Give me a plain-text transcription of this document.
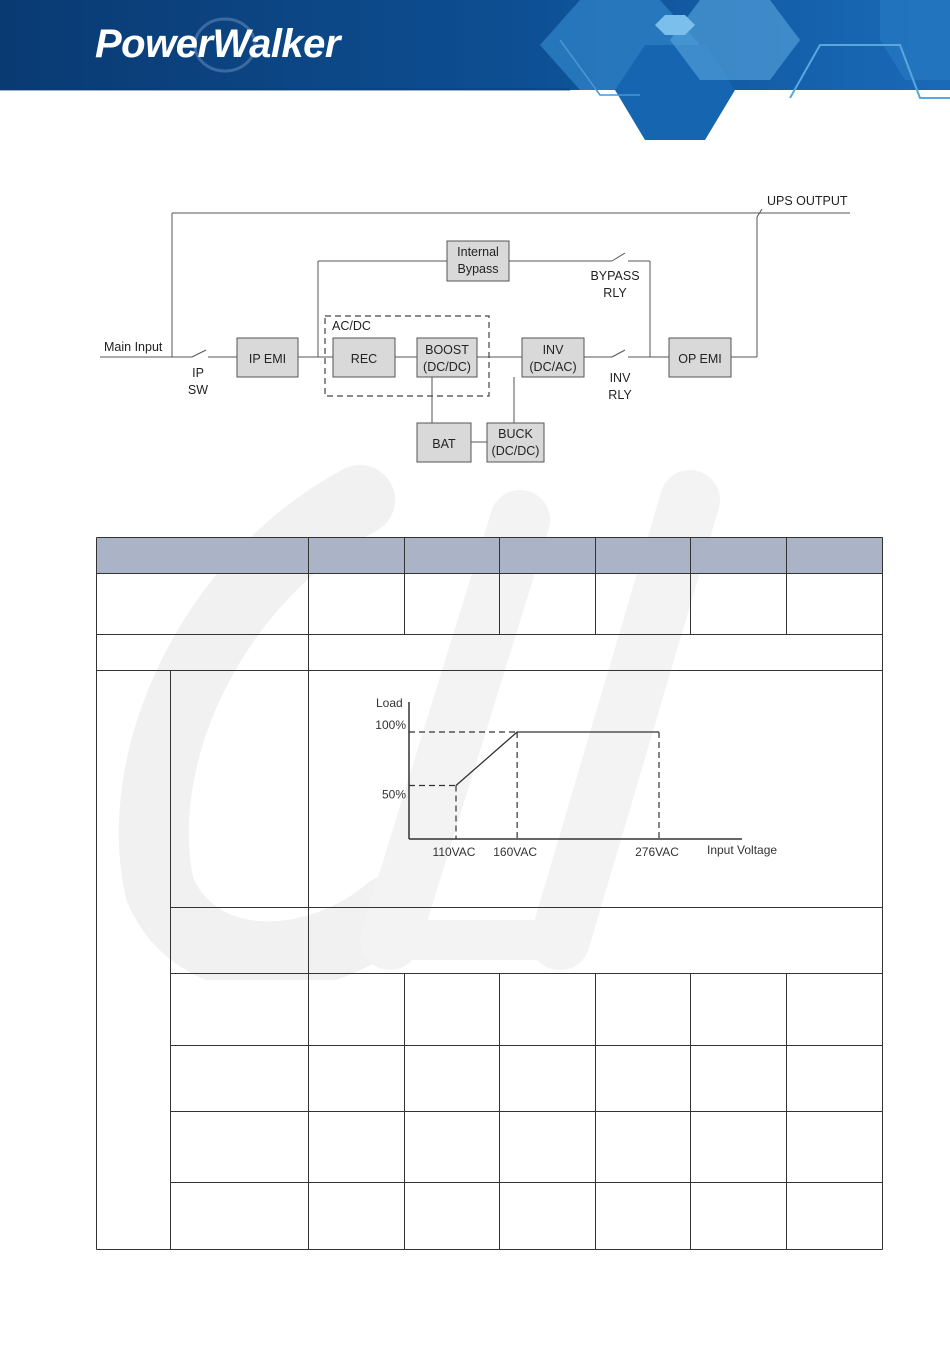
PowerWalker
UPS OUTPUT
Main Input
IP
SW
IP EMI
AC/DC
REC
BOOST
(DC/DC)
Internal
Bypass	BYPASS
RLY
INV
(DC/AC)
INV
RLY
OP EMI
BAT
BUCK
(DC/DC)
Load
Input Voltage
50%
100%
110VAC 160VAC	276VAC
